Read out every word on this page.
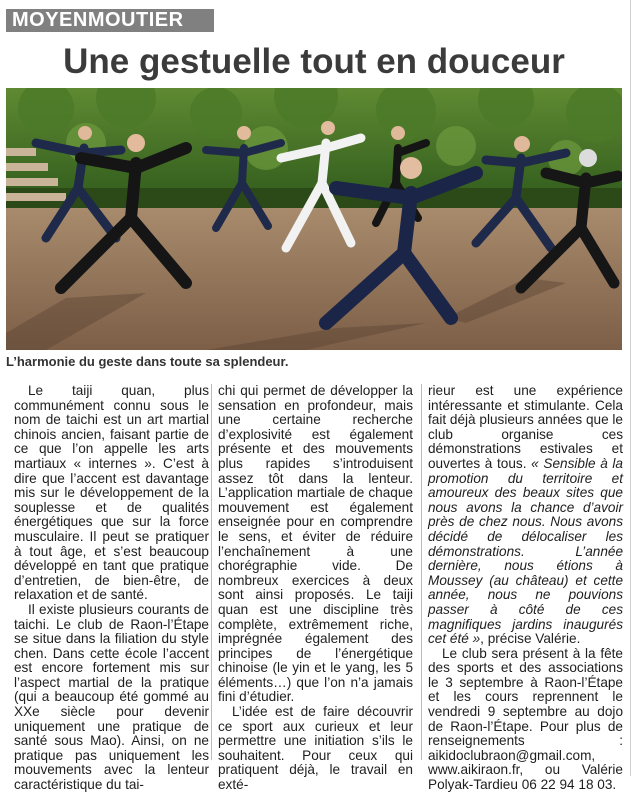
MOYENMOUTIER
Une gestuelle tout en douceur
L’harmonie du geste dans toute sa splendeur.

Le taiji quan, plus communément connu sous le nom de taichi est un art martial chinois ancien, faisant partie de ce que l’on appelle les arts martiaux « internes ». C’est à dire que l’accent est davantage mis sur le développement de la souplesse et de qualités énergétiques que sur la force musculaire. Il peut se pratiquer à tout âge, et s’est beaucoup développé en tant que pratique d’entretien, de bien-être, de relaxation et de santé.

Il existe plusieurs courants de taichi. Le club de Raon-l’Étape se situe dans la filiation du style chen. Dans cette école l’accent est encore fortement mis sur l’aspect martial de la pratique (qui a beaucoup été gommé au XXe siècle pour devenir uniquement une pratique de santé sous Mao). Ainsi, on ne pratique pas uniquement les mouvements avec la lenteur caractéristique du tai-

chi qui permet de développer la sensation en profondeur, mais une certaine recherche d’explosivité est également présente et des mouvements plus rapides s’introduisent assez tôt dans la lenteur. L’application martiale de chaque mouvement est également enseignée pour en comprendre le sens, et éviter de réduire l’enchaînement à une chorégraphie vide. De nombreux exercices à deux sont ainsi proposés. Le taiji quan est une discipline très complète, extrêmement riche, imprégnée également des principes de l’énergétique chinoise (le yin et le yang, les 5 éléments…) que l’on n’a jamais fini d’étudier.

L’idée est de faire découvrir ce sport aux curieux et leur permettre une initiation s’ils le souhaitent. Pour ceux qui pratiquent déjà, le travail en exté-

rieur est une expérience intéressante et stimulante. Cela fait déjà plusieurs années que le club organise ces démonstrations estivales et ouvertes à tous. « Sensible à la promotion du territoire et amoureux des beaux sites que nous avons la chance d’avoir près de chez nous. Nous avons décidé de délocaliser les démonstrations. L’année dernière, nous étions à Moussey (au château) et cette année, nous ne pouvions passer à côté de ces magnifiques jardins inaugurés cet été », précise Valérie.

Le club sera présent à la fête des sports et des associations le 3 septembre à Raon-l’Étape et les cours reprennent le vendredi 9 septembre au dojo de Raon-l’Étape. Pour plus de renseignements : aikidoclubraon@gmail.com, www.aikiraon.fr, ou Valérie Polyak-Tardieu 06 22 94 18 03.
